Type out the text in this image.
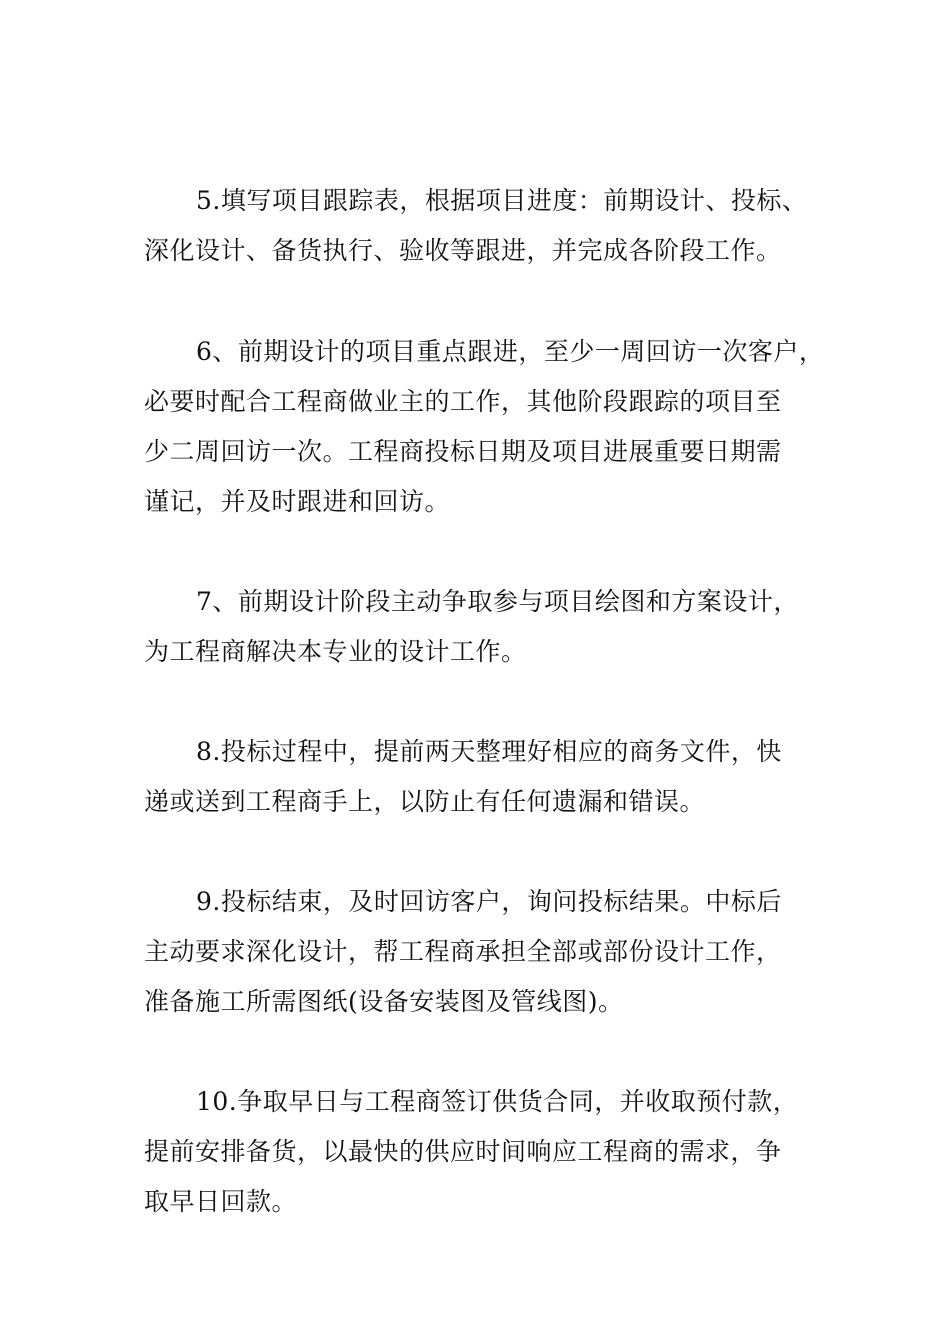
5.填写项目跟踪表，根据项目进度：前期设计、投标、
深化设计、备货执行、验收等跟进，并完成各阶段工作。

6、前期设计的项目重点跟进，至少一周回访一次客户，
必要时配合工程商做业主的工作，其他阶段跟踪的项目至
少二周回访一次。工程商投标日期及项目进展重要日期需
谨记，并及时跟进和回访。

7、前期设计阶段主动争取参与项目绘图和方案设计，
为工程商解决本专业的设计工作。

8.投标过程中，提前两天整理好相应的商务文件，快
递或送到工程商手上，以防止有任何遗漏和错误。

9.投标结束，及时回访客户，询问投标结果。中标后
主动要求深化设计，帮工程商承担全部或部份设计工作，
准备施工所需图纸(设备安装图及管线图)。

10.争取早日与工程商签订供货合同，并收取预付款，
提前安排备货，以最快的供应时间响应工程商的需求，争
取早日回款。
